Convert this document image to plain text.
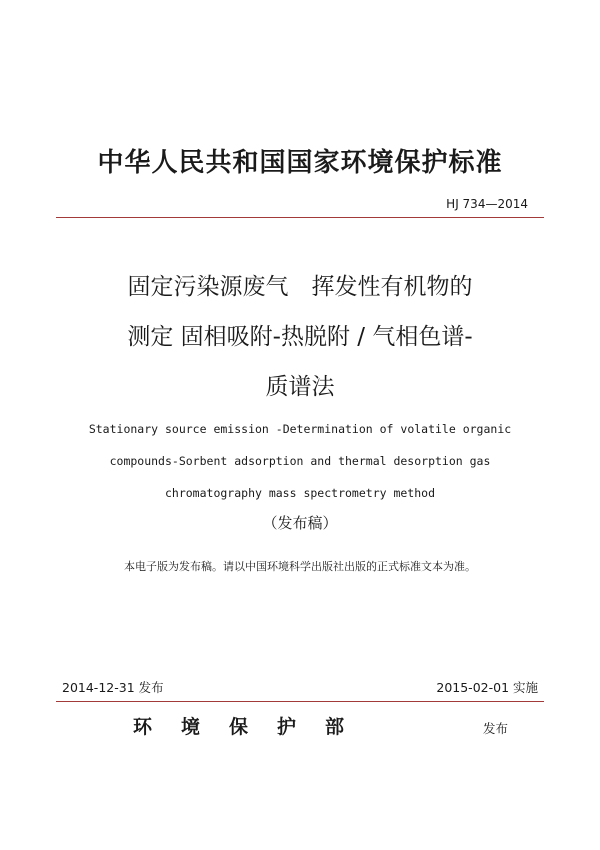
中华人民共和国国家环境保护标准
HJ 734—2014
固定污染源废气　挥发性有机物的
测定 固相吸附-热脱附 / 气相色谱-
质谱法
Stationary source emission -Determination of volatile organic
compounds-Sorbent adsorption and thermal desorption gas
chromatography mass spectrometry method
（发布稿）
本电子版为发布稿。请以中国环境科学出版社出版的正式标准文本为准。
2014-12-31 发布	2015-02-01 实施
环境保护部	发布
